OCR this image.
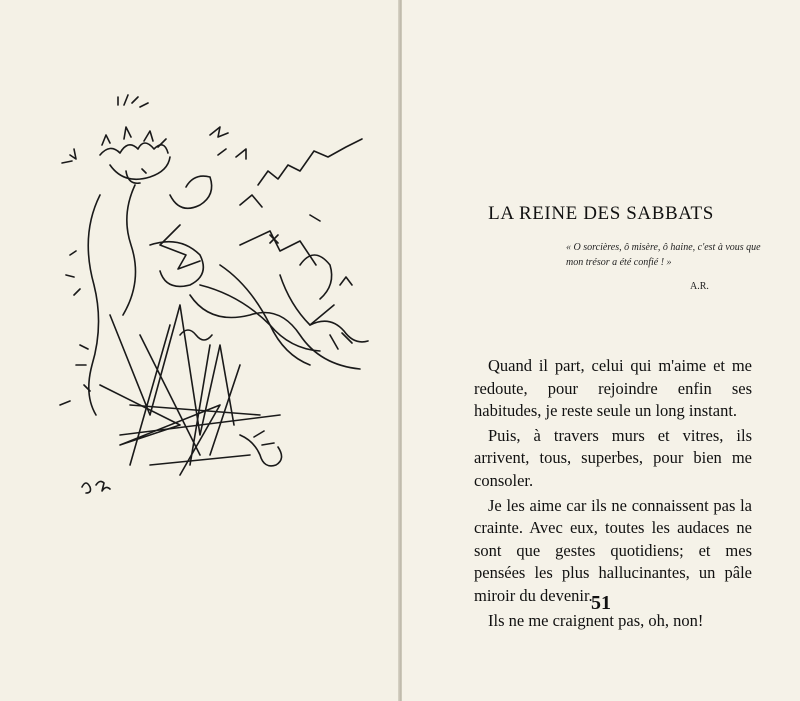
LA REINE DES SABBATS
« O sorcières, ô misère, ô haine, c'est à vous que mon trésor a été confié ! »
A.R.

Quand il part, celui qui m'aime et me redoute, pour rejoindre enfin ses habitudes, je reste seule un long instant.

Puis, à travers murs et vitres, ils arrivent, tous, superbes, pour bien me consoler.

Je les aime car ils ne connaissent pas la crainte. Avec eux, toutes les audaces ne sont que gestes quotidiens; et mes pensées les plus hallucinantes, un pâle miroir du devenir.

Ils ne me craignent pas, oh, non!

51
